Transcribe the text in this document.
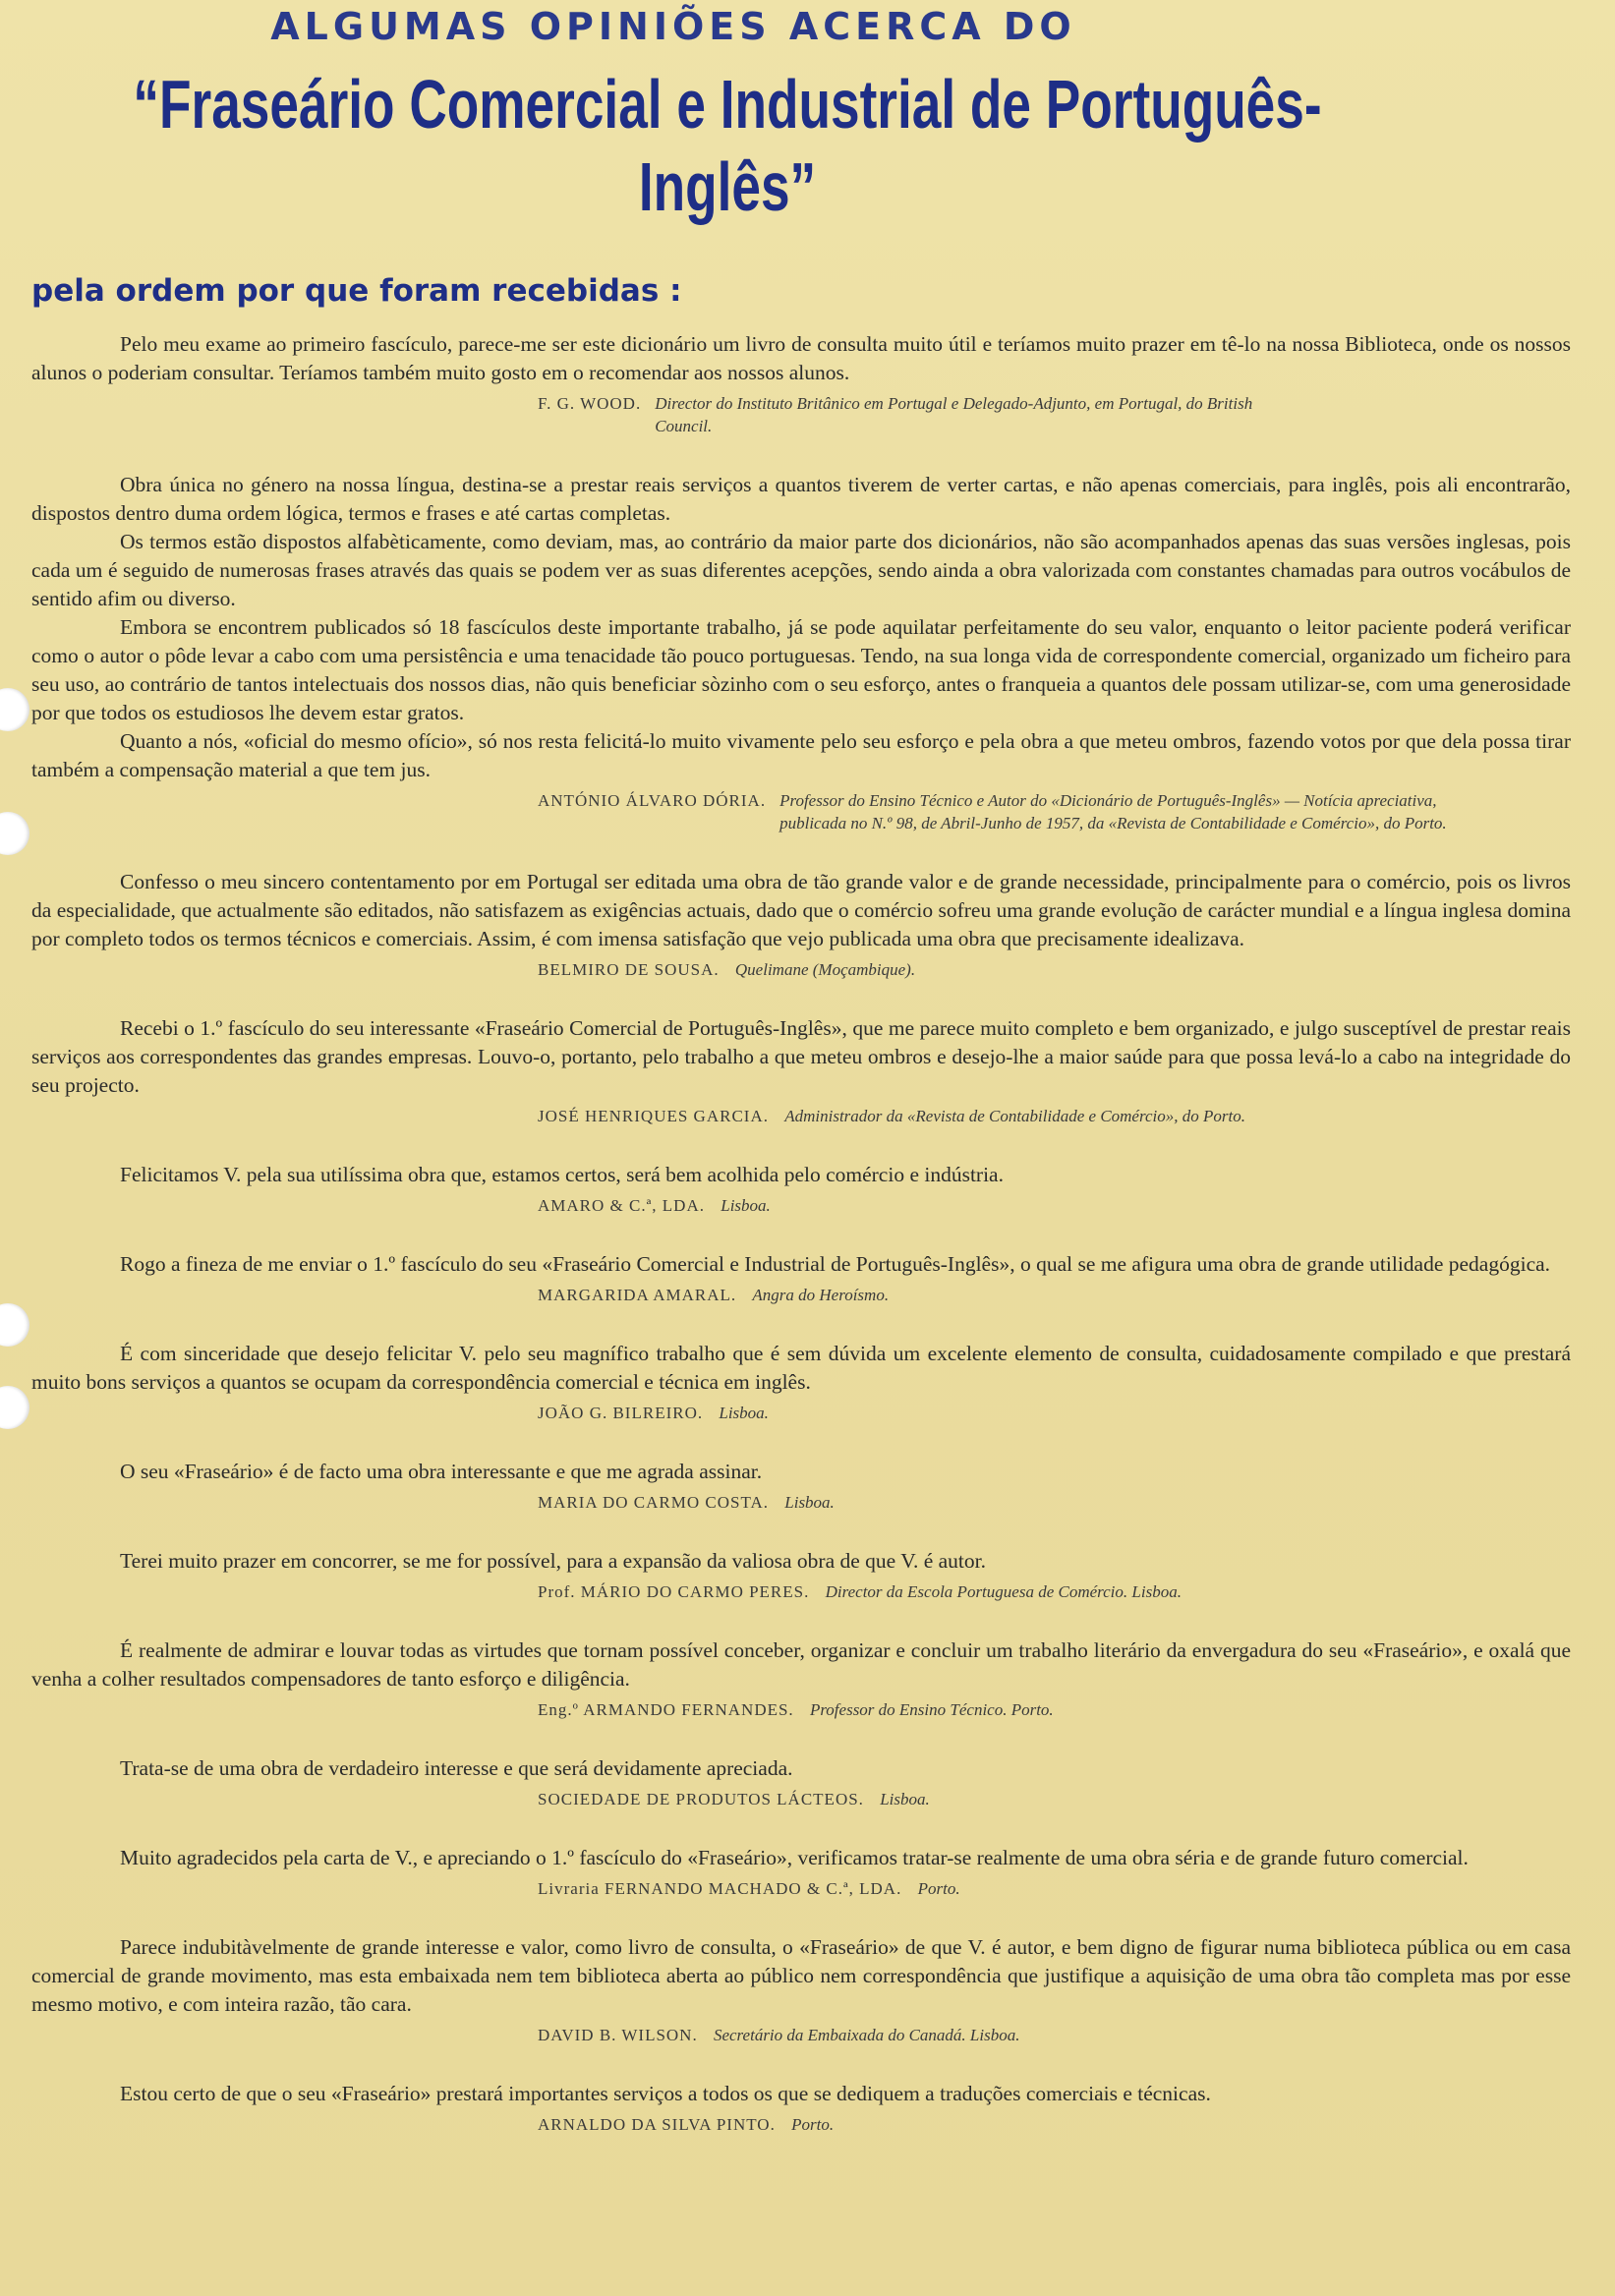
ALGUMAS OPINIÕES ACERCA DO
“Fraseário Comercial e Industrial de Português-Inglês”
pela ordem por que foram recebidas :

Pelo meu exame ao primeiro fascículo, parece-me ser este dicionário um livro de consulta muito útil e teríamos muito prazer em tê-lo na nossa Biblioteca, onde os nossos alunos o poderiam consultar. Teríamos também muito gosto em o recomendar aos nossos alunos.

F. G. WOOD. Director do Instituto Britânico em Portugal e Delegado-Adjunto, em Portugal, do British Council.

Obra única no género na nossa língua, destina-se a prestar reais serviços a quantos tiverem de verter cartas, e não apenas comerciais, para inglês, pois ali encontrarão, dispostos dentro duma ordem lógica, termos e frases e até cartas completas.

Os termos estão dispostos alfabèticamente, como deviam, mas, ao contrário da maior parte dos dicionários, não são acompanhados apenas das suas versões inglesas, pois cada um é seguido de numerosas frases através das quais se podem ver as suas diferentes acepções, sendo ainda a obra valorizada com constantes chamadas para outros vocábulos de sentido afim ou diverso.

Embora se encontrem publicados só 18 fascículos deste importante trabalho, já se pode aquilatar perfeitamente do seu valor, enquanto o leitor paciente poderá verificar como o autor o pôde levar a cabo com uma persistência e uma tenacidade tão pouco portuguesas. Tendo, na sua longa vida de correspondente comercial, organizado um ficheiro para seu uso, ao contrário de tantos intelectuais dos nossos dias, não quis beneficiar sòzinho com o seu esforço, antes o franqueia a quantos dele possam utilizar-se, com uma generosidade por que todos os estudiosos lhe devem estar gratos.

Quanto a nós, «oficial do mesmo ofício», só nos resta felicitá-lo muito vivamente pelo seu esforço e pela obra a que meteu ombros, fazendo votos por que dela possa tirar também a compensação material a que tem jus.

ANTÓNIO ÁLVARO DÓRIA. Professor do Ensino Técnico e Autor do «Dicionário de Português-Inglês» — Notícia apreciativa, publicada no N.º 98, de Abril-Junho de 1957, da «Revista de Contabilidade e Comércio», do Porto.

Confesso o meu sincero contentamento por em Portugal ser editada uma obra de tão grande valor e de grande necessidade, principalmente para o comércio, pois os livros da especialidade, que actualmente são editados, não satisfazem as exigências actuais, dado que o comércio sofreu uma grande evolução de carácter mundial e a língua inglesa domina por completo todos os termos técnicos e comerciais. Assim, é com imensa satisfação que vejo publicada uma obra que precisamente idealizava.

BELMIRO DE SOUSA. Quelimane (Moçambique).

Recebi o 1.º fascículo do seu interessante «Fraseário Comercial de Português-Inglês», que me parece muito completo e bem organizado, e julgo susceptível de prestar reais serviços aos correspondentes das grandes empresas. Louvo-o, portanto, pelo trabalho a que meteu ombros e desejo-lhe a maior saúde para que possa levá-lo a cabo na integridade do seu projecto.

JOSÉ HENRIQUES GARCIA. Administrador da «Revista de Contabilidade e Comércio», do Porto.

Felicitamos V. pela sua utilíssima obra que, estamos certos, será bem acolhida pelo comércio e indústria.

AMARO & C.ª, LDA. Lisboa.

Rogo a fineza de me enviar o 1.º fascículo do seu «Fraseário Comercial e Industrial de Português-Inglês», o qual se me afigura uma obra de grande utilidade pedagógica.

MARGARIDA AMARAL. Angra do Heroísmo.

É com sinceridade que desejo felicitar V. pelo seu magnífico trabalho que é sem dúvida um excelente elemento de consulta, cuidadosamente compilado e que prestará muito bons serviços a quantos se ocupam da correspondência comercial e técnica em inglês.

JOÃO G. BILREIRO. Lisboa.

O seu «Fraseário» é de facto uma obra interessante e que me agrada assinar.

MARIA DO CARMO COSTA. Lisboa.

Terei muito prazer em concorrer, se me for possível, para a expansão da valiosa obra de que V. é autor.

Prof. MÁRIO DO CARMO PERES. Director da Escola Portuguesa de Comércio. Lisboa.

É realmente de admirar e louvar todas as virtudes que tornam possível conceber, organizar e concluir um trabalho literário da envergadura do seu «Fraseário», e oxalá que venha a colher resultados compensadores de tanto esforço e diligência.

Eng.º ARMANDO FERNANDES. Professor do Ensino Técnico. Porto.

Trata-se de uma obra de verdadeiro interesse e que será devidamente apreciada.

SOCIEDADE DE PRODUTOS LÁCTEOS. Lisboa.

Muito agradecidos pela carta de V., e apreciando o 1.º fascículo do «Fraseário», verificamos tratar-se realmente de uma obra séria e de grande futuro comercial.

Livraria FERNANDO MACHADO & C.ª, LDA. Porto.

Parece indubitàvelmente de grande interesse e valor, como livro de consulta, o «Fraseário» de que V. é autor, e bem digno de figurar numa biblioteca pública ou em casa comercial de grande movimento, mas esta embaixada nem tem biblioteca aberta ao público nem correspondência que justifique a aquisição de uma obra tão completa mas por esse mesmo motivo, e com inteira razão, tão cara.

DAVID B. WILSON. Secretário da Embaixada do Canadá. Lisboa.

Estou certo de que o seu «Fraseário» prestará importantes serviços a todos os que se dediquem a traduções comerciais e técnicas.

ARNALDO DA SILVA PINTO. Porto.
